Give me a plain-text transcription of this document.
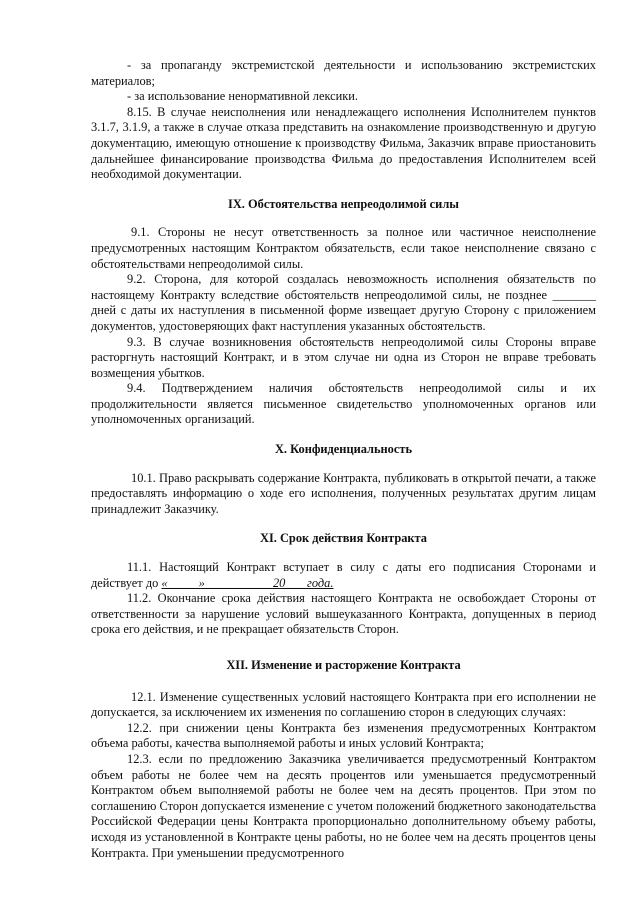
- за пропаганду экстремистской деятельности и использованию экстремистских материалов;

- за использование ненормативной лексики.

8.15. В случае неисполнения или ненадлежащего исполнения Исполнителем пунктов 3.1.7, 3.1.9, а также в случае отказа представить на ознакомление производственную и другую документацию, имеющую отношение к производству Фильма, Заказчик вправе приостановить дальнейшее финансирование производства Фильма до предоставления Исполнителем всей необходимой документации.

IX. Обстоятельства непреодолимой силы

9.1. Стороны не несут ответственность за полное или частичное неисполнение предусмотренных настоящим Контрактом обязательств, если такое неисполнение связано с обстоятельствами непреодолимой силы.

9.2. Сторона, для которой создалась невозможность исполнения обязательств по настоящему Контракту вследствие обстоятельств непреодолимой силы, не позднее _______ дней с даты их наступления в письменной форме извещает другую Сторону с приложением документов, удостоверяющих факт наступления указанных обстоятельств.

9.3. В случае возникновения обстоятельств непреодолимой силы Стороны вправе расторгнуть настоящий Контракт, и в этом случае ни одна из Сторон не вправе требовать возмещения убытков.

9.4. Подтверждением наличия обстоятельств непреодолимой силы и их продолжительности является письменное свидетельство уполномоченных органов или уполномоченных организаций.

X. Конфиденциальность

10.1. Право раскрывать содержание Контракта, публиковать в открытой печати, а также предоставлять информацию о ходе его исполнения, полученных результатах другим лицам принадлежит Заказчику.

XI. Срок действия Контракта

11.1. Настоящий Контракт вступает в силу с даты его подписания Сторонами и действует до «_____»___________20___ года.

11.2. Окончание срока действия настоящего Контракта не освобождает Стороны от ответственности за нарушение условий вышеуказанного Контракта, допущенных в период срока его действия, и не прекращает обязательств Сторон.

XII. Изменение и расторжение Контракта

12.1. Изменение существенных условий настоящего Контракта при его исполнении не допускается, за исключением их изменения по соглашению сторон в следующих случаях:

12.2. при снижении цены Контракта без изменения предусмотренных Контрактом объема работы, качества выполняемой работы и иных условий Контракта;

12.3. если по предложению Заказчика увеличивается предусмотренный Контрактом объем работы не более чем на десять процентов или уменьшается предусмотренный Контрактом объем выполняемой работы не более чем на десять процентов. При этом по соглашению Сторон допускается изменение с учетом положений бюджетного законодательства Российской Федерации цены Контракта пропорционально дополнительному объему работы, исходя из установленной в Контракте цены работы, но не более чем на десять процентов цены Контракта. При уменьшении предусмотренного
